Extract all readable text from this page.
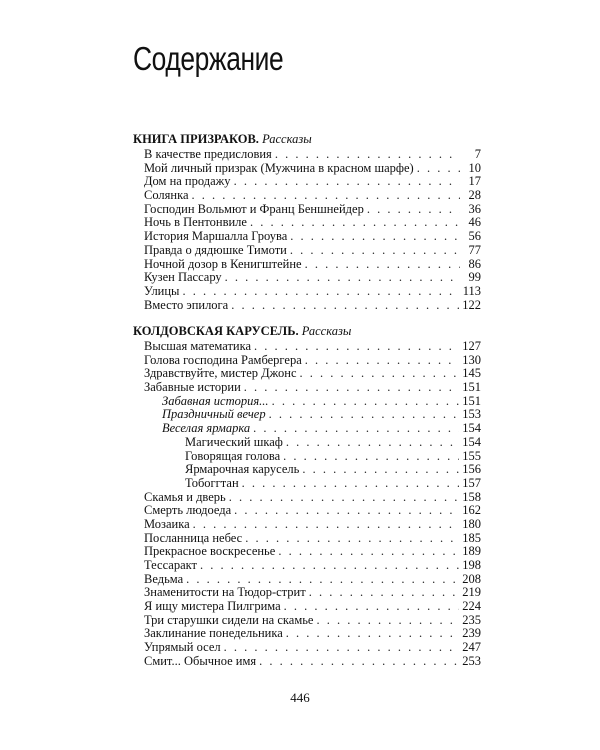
Содержание
КНИГА ПРИЗРАКОВ. Рассказы
В качестве предисловия . . .	7
Мой личный призрак (Мужчина в красном шарфе) . . .	10
Дом на продажу . . .	17
Солянка . . .	28
Господин Вольмют и Франц Беншнейдер . . .	36
Ночь в Пентонвиле . . .	46
История Маршалла Гроува . . .	56
Правда о дядюшке Тимоти . . .	77
Ночной дозор в Кенигштейне . . .	86
Кузен Пассару . . .	99
Улицы . . .	113
Вместо эпилога . . .	122
КОЛДОВСКАЯ КАРУСЕЛЬ. Рассказы
Высшая математика . . .	127
Голова господина Рамбергера . . .	130
Здравствуйте, мистер Джонс . . .	145
Забавные истории . . .	151
Забавная история... . . .	151
Праздничный вечер . . .	153
Веселая ярмарка . . .	154
Магический шкаф . . .	154
Говорящая голова . . .	155
Ярмарочная карусель . . .	156
Тобоггтан . . .	157
Скамья и дверь . . .	158
Смерть людоеда . . .	162
Мозаика . . .	180
Посланница небес . . .	185
Прекрасное воскресенье . . .	189
Тессаракт . . .	198
Ведьма . . .	208
Знаменитости на Тюдор-стрит . . .	219
Я ищу мистера Пилгрима . . .	224
Три старушки сидели на скамье . . .	235
Заклинание понедельника . . .	239
Упрямый осел . . .	247
Смит... Обычное имя . . .	253
446
